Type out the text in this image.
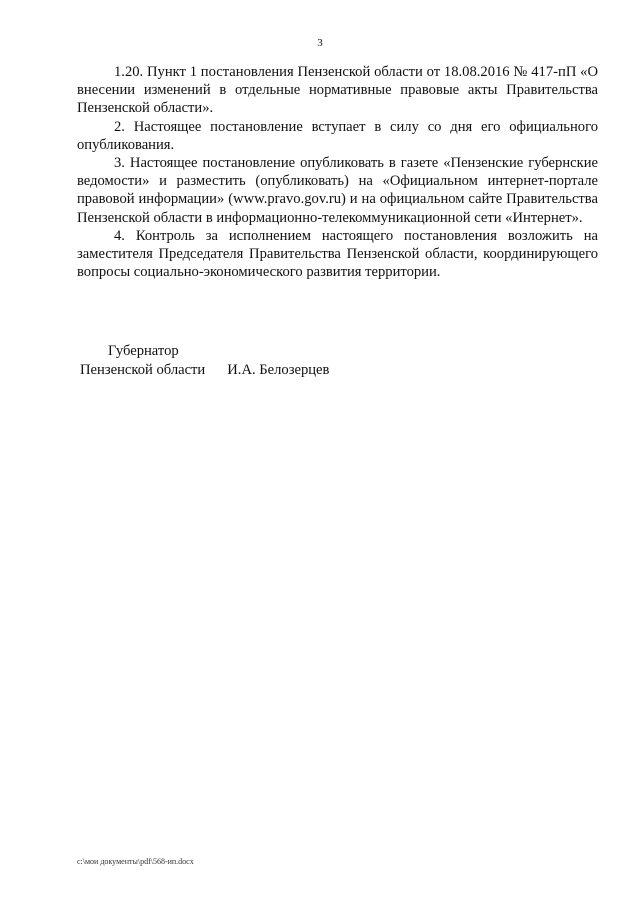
3

1.20. Пункт 1 постановления Пензенской области от 18.08.2016 № 417-пП «О внесении изменений в отдельные нормативные правовые акты Правительства Пензенской области».

2. Настоящее постановление вступает в силу со дня его официального опубликования.

3. Настоящее постановление опубликовать в газете «Пензенские губернские ведомости» и разместить (опубликовать) на «Официальном интернет-портале правовой информации» (www.pravo.gov.ru) и на официальном сайте Правительства Пензенской области в информационно-телекоммуникационной сети «Интернет».

4. Контроль за исполнением настоящего постановления возложить на заместителя Председателя Правительства Пензенской области, координирующего вопросы социально-экономического развития территории.

Губернатор
Пензенской области И.А. Белозерцев
c:\мои документы\pdf\568-ип.docx
